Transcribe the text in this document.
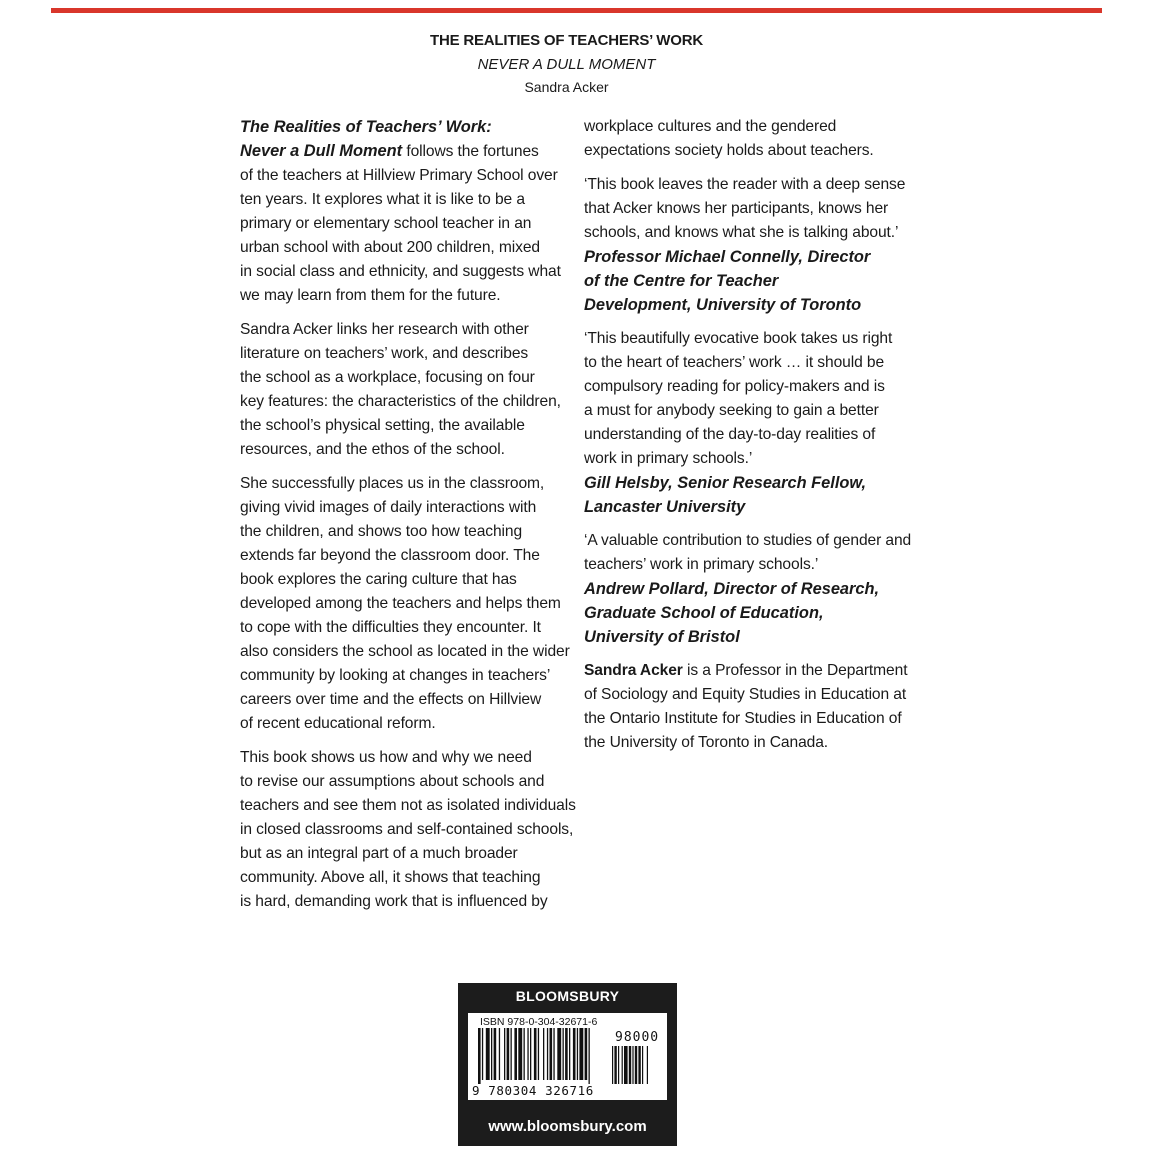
THE REALITIES OF TEACHERS’ WORK
NEVER A DULL MOMENT
Sandra Acker

The Realities of Teachers’ Work:
Never a Dull Moment follows the fortunes
of the teachers at Hillview Primary School over
ten years. It explores what it is like to be a
primary or elementary school teacher in an
urban school with about 200 children, mixed
in social class and ethnicity, and suggests what
we may learn from them for the future.

Sandra Acker links her research with other
literature on teachers’ work, and describes
the school as a workplace, focusing on four
key features: the characteristics of the children,
the school’s physical setting, the available
resources, and the ethos of the school.

She successfully places us in the classroom,
giving vivid images of daily interactions with
the children, and shows too how teaching
extends far beyond the classroom door. The
book explores the caring culture that has
developed among the teachers and helps them
to cope with the difficulties they encounter. It
also considers the school as located in the wider
community by looking at changes in teachers’
careers over time and the effects on Hillview
of recent educational reform.

This book shows us how and why we need
to revise our assumptions about schools and
teachers and see them not as isolated individuals
in closed classrooms and self-contained schools,
but as an integral part of a much broader
community. Above all, it shows that teaching
is hard, demanding work that is influenced by

workplace cultures and the gendered
expectations society holds about teachers.

‘This book leaves the reader with a deep sense
that Acker knows her participants, knows her
schools, and knows what she is talking about.’
Professor Michael Connelly, Director
of the Centre for Teacher
Development, University of Toronto

‘This beautifully evocative book takes us right
to the heart of teachers’ work … it should be
compulsory reading for policy-makers and is
a must for anybody seeking to gain a better
understanding of the day-to-day realities of
work in primary schools.’
Gill Helsby, Senior Research Fellow,
Lancaster University

‘A valuable contribution to studies of gender and
teachers’ work in primary schools.’
Andrew Pollard, Director of Research,
Graduate School of Education,
University of Bristol

Sandra Acker is a Professor in the Department
of Sociology and Equity Studies in Education at
the Ontario Institute for Studies in Education of
the University of Toronto in Canada.

BLOOMSBURY
ISBN 978-0-304-32671-6
98000
9 780304 326716
www.bloomsbury.com
